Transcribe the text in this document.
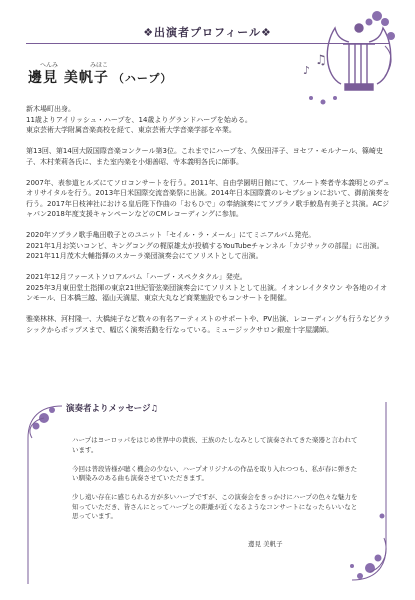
❖出演者プロフィール❖
♪
♫
へんみ	みほこ
邊見 美帆子 （ハープ）

新木場町出身。
11歳よりアイリッシュ・ハープを、14歳よりグランドハープを始める。
東京芸術大学附属音楽高校を経て、東京芸術大学音楽学部を卒業。

第13回、第14回大阪国際音楽コンクール第3位。これまでにハープを、久保田洋子、ヨセフ・モルナール、篠崎史子、木村茉莉各氏に、また室内楽を小畑善昭、寺本義明各氏に師事。

2007年、表参道ヒルズにてソロコンサートを行う。2011年、自由学園明日館にて、フルート奏者寺本義明とのデュオリサイタルを行う。2013年日米国際交流音楽祭に出演。2014年日本国際賞のレセプションにおいて、御前演奏を行う。2017年日枝神社における皇后陛下作曲の「おもひで」の奉納演奏にてソプラノ歌手鮫島有美子と共演。ACジャパン2018年度支援キャンペーンなどのCMレコーディングに参加。

2020年ソプラノ歌手亀田敬子とのユニット「セイル・ラ・メール」にてミニアルバム発売。
2021年1月お笑いコンビ、キングコングの梶原雄太が投稿するYouTubeチャンネル「カジサックの部屋」に出演。2021年11月茂木大輔指揮のスカーラ楽団演奏会にてソリストとして出演。

2021年12月ファーストソロアルバム「ハープ・スペクタクル」発売。
2025年3月東田堂土指揮の東京21世紀管弦楽団演奏会にてソリストとして出演。イオンレイクタウン や各地のイオンモール、日本橋三越、福山天満屋、東京大丸など商業施設でもコンサートを開催。

雅楽林林、河村隆一、大橋純子など数々の有名アーティストのサポートや、PV出演、レコーディングも行うなどクラシックからポップスまで、幅広く演奏活動を行なっている。ミュージックサロン銀座十字屋講師。

演奏者よりメッセージ♫

ハープはヨーロッパをはじめ世界中の貴族、王族のたしなみとして演奏されてきた楽器と言われています。

今回は普段皆様が聴く機会の少ない、ハープオリジナルの作品を取り入れつつも、私が春に弾きたい馴染みのある曲も演奏させていただきます。

少し遠い存在に感じられる方が多いハープですが、この演奏会をきっかけにハープの色々な魅力を知っていただき、皆さんにとってハープとの距離が近くなるようなコンサートになったらいいなと思っています。

邊見 美帆子
